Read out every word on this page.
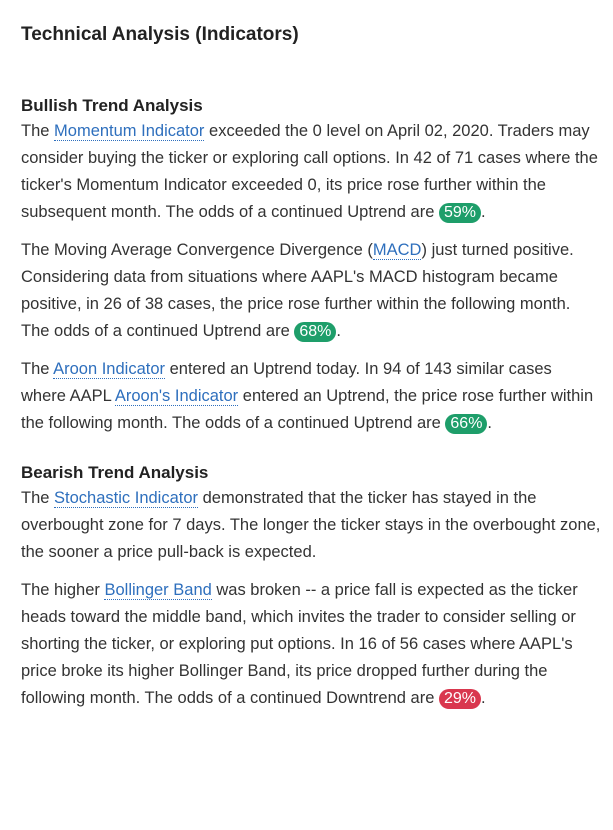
Technical Analysis (Indicators)
Bullish Trend Analysis

The Momentum Indicator exceeded the 0 level on April 02, 2020. Traders may consider buying the ticker or exploring call options. In 42 of 71 cases where the ticker's Momentum Indicator exceeded 0, its price rose further within the subsequent month. The odds of a continued Uptrend are 59% .

The Moving Average Convergence Divergence (MACD) just turned positive. Considering data from situations where AAPL's MACD histogram became positive, in 26 of 38 cases, the price rose further within the following month. The odds of a continued Uptrend are 68% .

The Aroon Indicator entered an Uptrend today. In 94 of 143 similar cases where AAPL Aroon's Indicator entered an Uptrend, the price rose further within the following month. The odds of a continued Uptrend are 66% .

Bearish Trend Analysis

The Stochastic Indicator demonstrated that the ticker has stayed in the overbought zone for 7 days. The longer the ticker stays in the overbought zone, the sooner a price pull-back is expected.

The higher Bollinger Band was broken -- a price fall is expected as the ticker heads toward the middle band, which invites the trader to consider selling or shorting the ticker, or exploring put options. In 16 of 56 cases where AAPL's price broke its higher Bollinger Band, its price dropped further during the following month. The odds of a continued Downtrend are 29% .
